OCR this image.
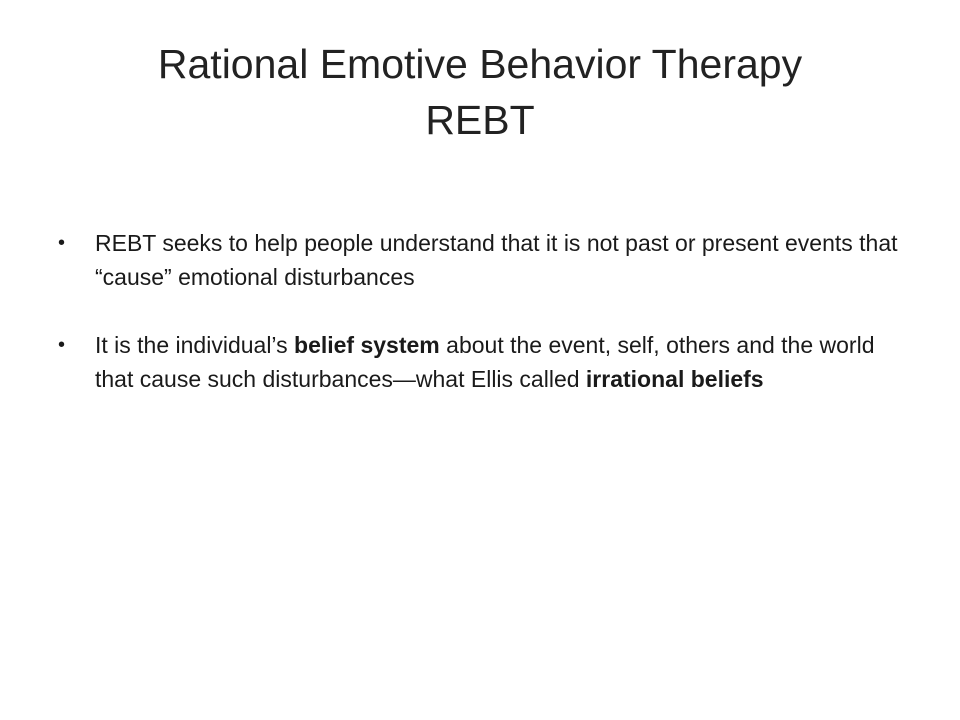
Rational Emotive Behavior Therapy
REBT
• REBT seeks to help people understand that it is not past or present events that “cause” emotional disturbances
• It is the individual’s belief system about the event, self, others and the world that cause such disturbances—what Ellis called irrational beliefs
